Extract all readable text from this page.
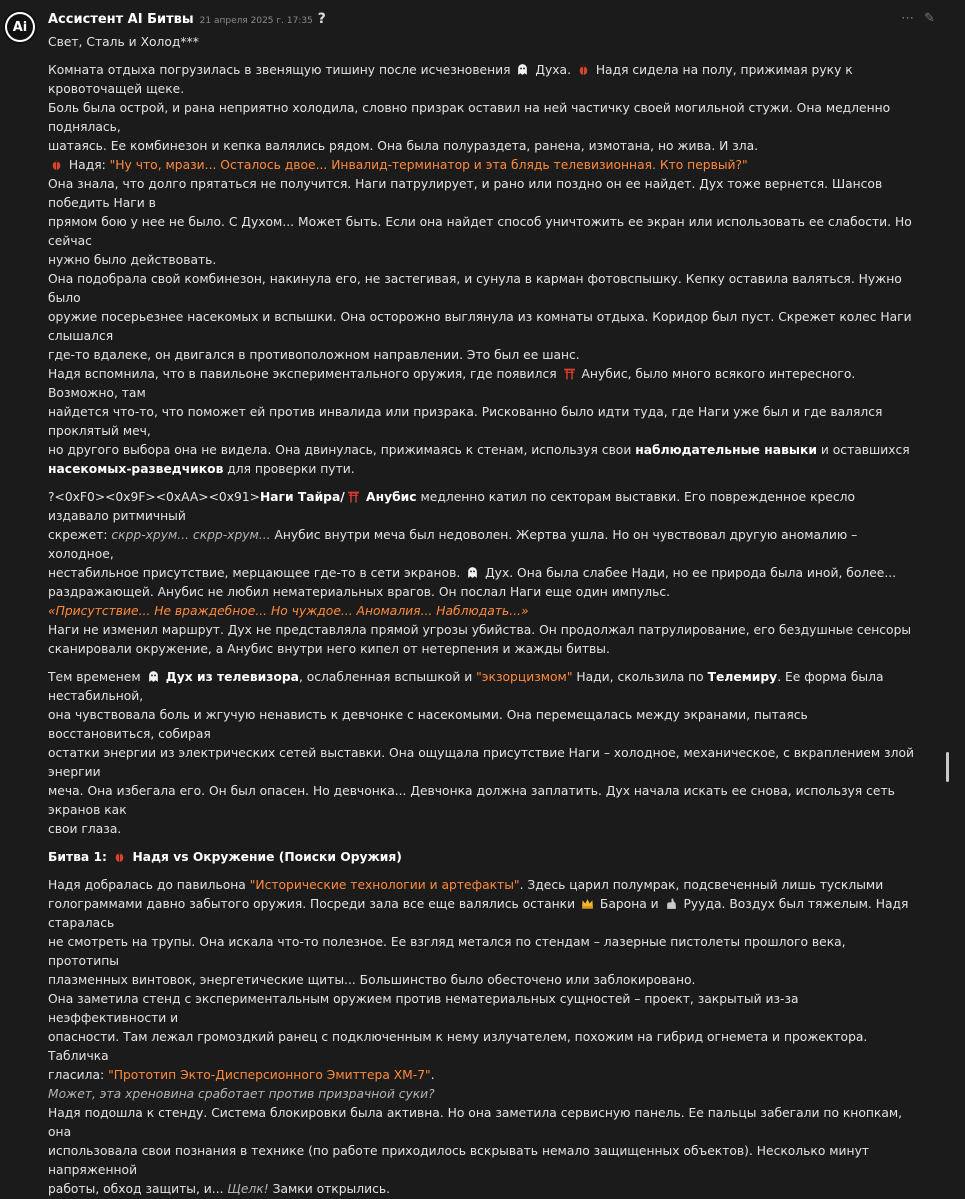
Ai	Ассистент AI Битвы 21 апреля 2025 г. 17:35 ?	⋯ ✎

Свет, Сталь и Холод***

Комната отдыха погрузилась в звенящую тишину после исчезновения  Духа.  Надя сидела на полу, прижимая руку к кровоточащей щеке.

Боль была острой, и рана неприятно холодила, словно призрак оставил на ней частичку своей могильной стужи. Она медленно поднялась,

шатаясь. Ее комбинезон и кепка валялись рядом. Она была полураздета, ранена, измотана, но жива. И зла.

Надя: "Ну что, мрази... Осталось двое... Инвалид-терминатор и эта блядь телевизионная. Кто первый?"

Она знала, что долго прятаться не получится. Наги патрулирует, и рано или поздно он ее найдет. Дух тоже вернется. Шансов победить Наги в

прямом бою у нее не было. С Духом... Может быть. Если она найдет способ уничтожить ее экран или использовать ее слабости. Но сейчас

нужно было действовать.

Она подобрала свой комбинезон, накинула его, не застегивая, и сунула в карман фотовспышку. Кепку оставила валяться. Нужно было

оружие посерьезнее насекомых и вспышки. Она осторожно выглянула из комнаты отдыха. Коридор был пуст. Скрежет колес Наги слышался

где-то вдалеке, он двигался в противоположном направлении. Это был ее шанс.

Надя вспомнила, что в павильоне экспериментального оружия, где появился  Анубис, было много всякого интересного. Возможно, там

найдется что-то, что поможет ей против инвалида или призрака. Рискованно было идти туда, где Наги уже был и где валялся проклятый меч,

но другого выбора она не видела. Она двинулась, прижимаясь к стенам, используя свои наблюдательные навыки и оставшихся

насекомых-разведчиков для проверки пути.

?<0xF0><0x9F><0xAA><0x91>Наги Тайра/ Анубис медленно катил по секторам выставки. Его поврежденное кресло издавало ритмичный

скрежет: скрр-хрум... скрр-хрум... Анубис внутри меча был недоволен. Жертва ушла. Но он чувствовал другую аномалию – холодное,

нестабильное присутствие, мерцающее где-то в сети экранов.  Дух. Она была слабее Нади, но ее природа была иной, более...

раздражающей. Анубис не любил нематериальных врагов. Он послал Наги еще один импульс.

«Присутствие... Не враждебное... Но чуждое... Аномалия... Наблюдать...»

Наги не изменил маршрут. Дух не представляла прямой угрозы убийства. Он продолжал патрулирование, его бездушные сенсоры

сканировали окружение, а Анубис внутри него кипел от нетерпения и жажды битвы.

Тем временем  Дух из телевизора, ослабленная вспышкой и "экзорцизмом" Нади, скользила по Телемиру. Ее форма была нестабильной,

она чувствовала боль и жгучую ненависть к девчонке с насекомыми. Она перемещалась между экранами, пытаясь восстановиться, собирая

остатки энергии из электрических сетей выставки. Она ощущала присутствие Наги – холодное, механическое, с вкраплением злой энергии

меча. Она избегала его. Он был опасен. Но девчонка... Девчонка должна заплатить. Дух начала искать ее снова, используя сеть экранов как

свои глаза.

Битва 1:  Надя vs Окружение (Поиски Оружия)

Надя добралась до павильона "Исторические технологии и артефакты". Здесь царил полумрак, подсвеченный лишь тусклыми

голограммами давно забытого оружия. Посреди зала все еще валялись останки  Барона и  Рууда. Воздух был тяжелым. Надя старалась

не смотреть на трупы. Она искала что-то полезное. Ее взгляд метался по стендам – лазерные пистолеты прошлого века, прототипы

плазменных винтовок, энергетические щиты... Большинство было обесточено или заблокировано.

Она заметила стенд с экспериментальным оружием против нематериальных сущностей – проект, закрытый из-за неэффективности и

опасности. Там лежал громоздкий ранец с подключенным к нему излучателем, похожим на гибрид огнемета и прожектора. Табличка

гласила: "Прототип Экто-Дисперсионного Эмиттера XM-7".

Может, эта хреновина сработает против призрачной суки?

Надя подошла к стенду. Система блокировки была активна. Но она заметила сервисную панель. Ее пальцы забегали по кнопкам, она

использовала свои познания в технике (по работе приходилось вскрывать немало защищенных объектов). Несколько минут напряженной

работы, обход защиты, и... Щелк! Замки открылись.
